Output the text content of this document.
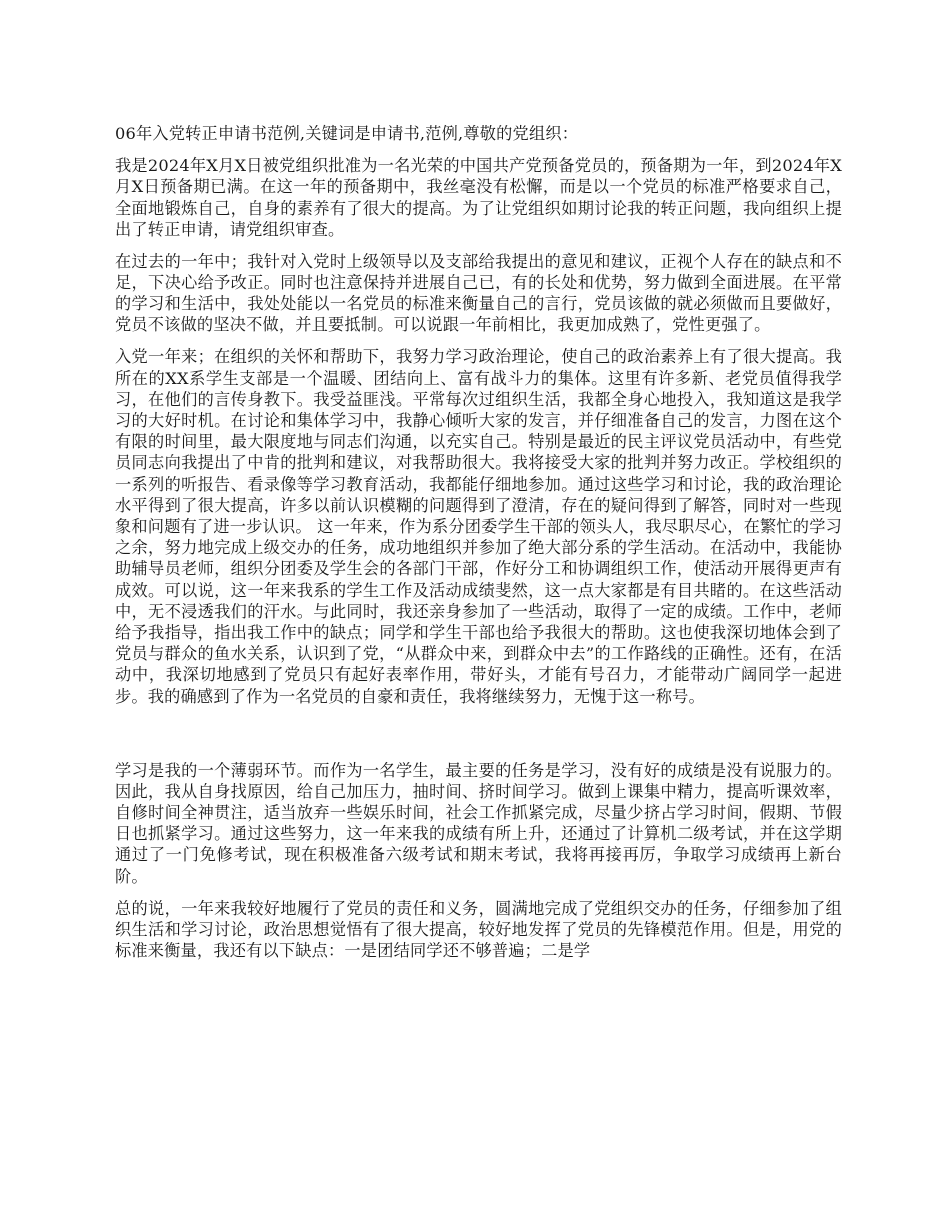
06年入党转正申请书范例,关键词是申请书,范例,尊敬的党组织：

我是2024年X月X日被党组织批准为一名光荣的中国共产党预备党员的，预备期为一年，到2024年X月X日预备期已满。在这一年的预备期中，我丝毫没有松懈，而是以一个党员的标准严格要求自己，全面地锻炼自己，自身的素养有了很大的提高。为了让党组织如期讨论我的转正问题，我向组织上提出了转正申请，请党组织审查。

在过去的一年中；我针对入党时上级领导以及支部给我提出的意见和建议，正视个人存在的缺点和不足，下决心给予改正。同时也注意保持并进展自己已，有的长处和优势，努力做到全面进展。在平常的学习和生活中，我处处能以一名党员的标准来衡量自己的言行，党员该做的就必须做而且要做好，党员不该做的坚决不做，并且要抵制。可以说跟一年前相比，我更加成熟了，党性更强了。

入党一年来；在组织的关怀和帮助下，我努力学习政治理论，使自己的政治素养上有了很大提高。我所在的XX系学生支部是一个温暖、团结向上、富有战斗力的集体。这里有许多新、老党员值得我学习，在他们的言传身教下。我受益匪浅。平常每次过组织生活，我都全身心地投入，我知道这是我学习的大好时机。在讨论和集体学习中，我静心倾听大家的发言，并仔细准备自己的发言，力图在这个有限的时间里，最大限度地与同志们沟通，以充实自己。特别是最近的民主评议党员活动中，有些党员同志向我提出了中肯的批判和建议，对我帮助很大。我将接受大家的批判并努力改正。学校组织的一系列的听报告、看录像等学习教育活动，我都能仔细地参加。通过这些学习和讨论，我的政治理论水平得到了很大提高，许多以前认识模糊的问题得到了澄清，存在的疑问得到了解答，同时对一些现象和问题有了进一步认识。 这一年来，作为系分团委学生干部的领头人，我尽职尽心，在繁忙的学习之余，努力地完成上级交办的任务，成功地组织并参加了绝大部分系的学生活动。在活动中，我能协助辅导员老师，组织分团委及学生会的各部门干部，作好分工和协调组织工作，使活动开展得更声有成效。可以说，这一年来我系的学生工作及活动成绩斐然，这一点大家都是有目共睹的。在这些活动中，无不浸透我们的汗水。与此同时，我还亲身参加了一些活动，取得了一定的成绩。工作中，老师给予我指导，指出我工作中的缺点；同学和学生干部也给予我很大的帮助。这也使我深切地体会到了党员与群众的鱼水关系，认识到了党，“从群众中来，到群众中去”的工作路线的正确性。还有，在活动中，我深切地感到了党员只有起好表率作用，带好头，才能有号召力，才能带动广阔同学一起进步。我的确感到了作为一名党员的自豪和责任，我将继续努力，无愧于这一称号。

学习是我的一个薄弱环节。而作为一名学生，最主要的任务是学习，没有好的成绩是没有说服力的。因此，我从自身找原因，给自己加压力，抽时间、挤时间学习。做到上课集中精力，提高听课效率，自修时间全神贯注，适当放弃一些娱乐时间，社会工作抓紧完成，尽量少挤占学习时间，假期、节假日也抓紧学习。通过这些努力，这一年来我的成绩有所上升，还通过了计算机二级考试，并在这学期通过了一门免修考试，现在积极准备六级考试和期末考试，我将再接再厉，争取学习成绩再上新台阶。

总的说，一年来我较好地履行了党员的责任和义务，圆满地完成了党组织交办的任务，仔细参加了组织生活和学习讨论，政治思想觉悟有了很大提高，较好地发挥了党员的先锋模范作用。但是，用党的标准来衡量，我还有以下缺点：一是团结同学还不够普遍；二是学
